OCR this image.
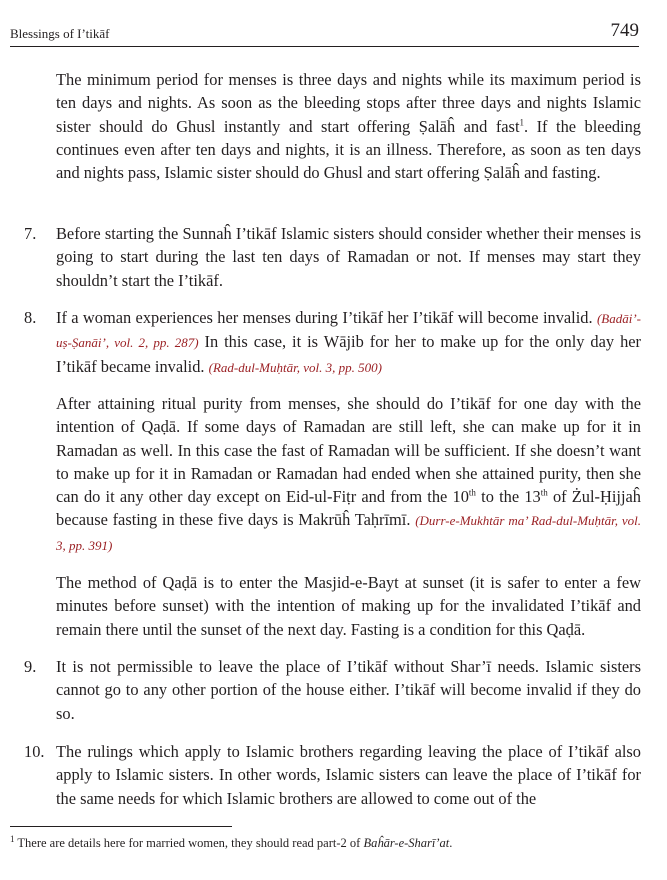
Blessings of I’tikāf	749

The minimum period for menses is three days and nights while its maximum period is ten days and nights. As soon as the bleeding stops after three days and nights Islamic sister should do Ghusl instantly and start offering Ṣalāĥ and fast$^1$. If the bleeding continues even after ten days and nights, it is an illness. Therefore, as soon as ten days and nights pass, Islamic sister should do Ghusl and start offering Ṣalāĥ and fasting.

7. Before starting the Sunnaĥ I’tikāf Islamic sisters should consider whether their menses is going to start during the last ten days of Ramadan or not. If menses may start they shouldn’t start the I’tikāf.
8. If a woman experiences her menses during I’tikāf her I’tikāf will become invalid. (Badāi’-uṣ-Ṣanāi’, vol. 2, pp. 287) In this case, it is Wājib for her to make up for the only day her I’tikāf became invalid. (Rad-dul-Muḥtār, vol. 3, pp. 500)

After attaining ritual purity from menses, she should do I’tikāf for one day with the intention of Qaḍā. If some days of Ramadan are still left, she can make up for it in Ramadan as well. In this case the fast of Ramadan will be sufficient. If she doesn’t want to make up for it in Ramadan or Ramadan had ended when she attained purity, then she can do it any other day except on Eid-ul-Fiṭr and from the 10th to the 13th of Żul-Ḥijjaĥ because fasting in these five days is Makrūĥ Taḥrīmī. (Durr-e-Mukhtār ma’ Rad-dul-Muḥtār, vol. 3, pp. 391)

The method of Qaḍā is to enter the Masjid-e-Bayt at sunset (it is safer to enter a few minutes before sunset) with the intention of making up for the invalidated I’tikāf and remain there until the sunset of the next day. Fasting is a condition for this Qaḍā.

9. It is not permissible to leave the place of I’tikāf without Shar’ī needs. Islamic sisters cannot go to any other portion of the house either. I’tikāf will become invalid if they do so.
10. The rulings which apply to Islamic brothers regarding leaving the place of I’tikāf also apply to Islamic sisters. In other words, Islamic sisters can leave the place of I’tikāf for the same needs for which Islamic brothers are allowed to come out of the

$^1$ There are details here for married women, they should read part-2 of Baĥār-e-Sharī’at.
